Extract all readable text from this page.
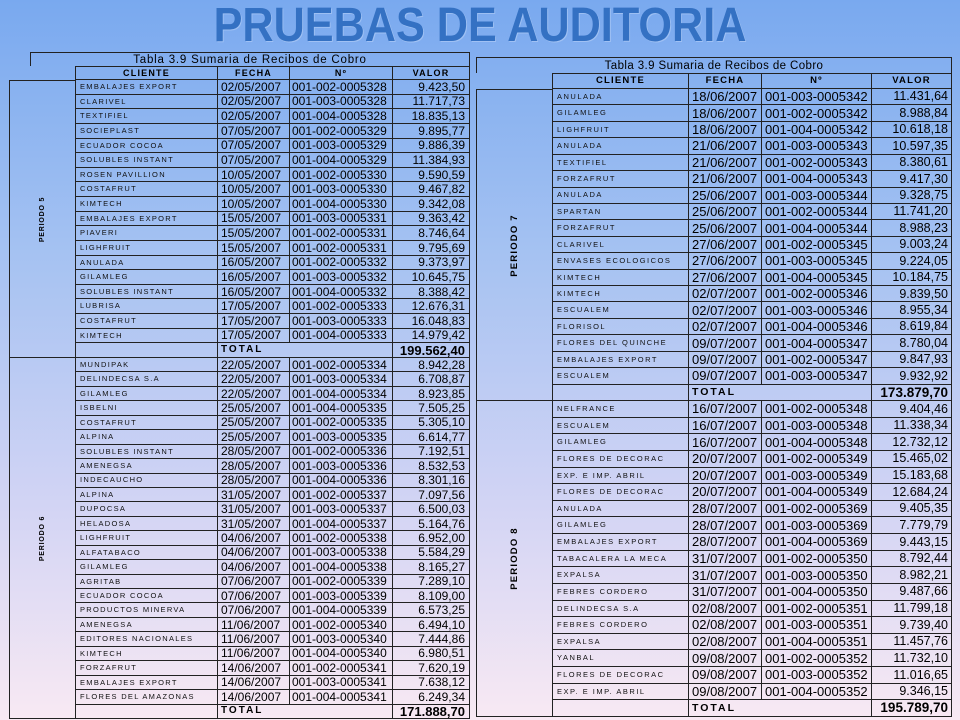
PRUEBAS DE AUDITORIA
Tabla 3.9 Sumaria de Recibos de Cobro
CLIENTE	FECHA	Nº	VALOR
PERIODO 5
EMBALAJES EXPORT	02/05/2007 001-002-0005328	9.423,50
CLARIVEL	02/05/2007 001-003-0005328	11.717,73
TEXTIFIEL	02/05/2007 001-004-0005328	18.835,13
SOCIEPLAST	07/05/2007 001-002-0005329	9.895,77
ECUADOR COCOA	07/05/2007 001-003-0005329	9.886,39
SOLUBLES INSTANT	07/05/2007 001-004-0005329	11.384,93
ROSEN PAVILLION	10/05/2007 001-002-0005330	9.590,59
COSTAFRUT	10/05/2007 001-003-0005330	9.467,82
KIMTECH	10/05/2007 001-004-0005330	9.342,08
EMBALAJES EXPORT	15/05/2007 001-003-0005331	9.363,42
PIAVERI	15/05/2007 001-002-0005331	8.746,64
LIGHFRUIT	15/05/2007 001-002-0005331	9.795,69
ANULADA	16/05/2007 001-002-0005332	9.373,97
GILAMLEG	16/05/2007 001-003-0005332	10.645,75
SOLUBLES INSTANT	16/05/2007 001-004-0005332	8.388,42
LUBRISA	17/05/2007 001-002-0005333	12.676,31
COSTAFRUT	17/05/2007 001-003-0005333	16.048,83
KIMTECH	17/05/2007 001-004-0005333	14.979,42
TOTAL	199.562,40
PERIODO 6
MUNDIPAK	22/05/2007 001-002-0005334	8.942,28
DELINDECSA S.A	22/05/2007 001-003-0005334	6.708,87
GILAMLEG	22/05/2007 001-004-0005334	8.923,85
ISBELNI	25/05/2007 001-004-0005335	7.505,25
COSTAFRUT	25/05/2007 001-002-0005335	5.305,10
ALPINA	25/05/2007 001-003-0005335	6.614,77
SOLUBLES INSTANT	28/05/2007 001-002-0005336	7.192,51
AMENEGSA	28/05/2007 001-003-0005336	8.532,53
INDECAUCHO	28/05/2007 001-004-0005336	8.301,16
ALPINA	31/05/2007 001-002-0005337	7.097,56
DUPOCSA	31/05/2007 001-003-0005337	6.500,03
HELADOSA	31/05/2007 001-004-0005337	5.164,76
LIGHFRUIT	04/06/2007 001-002-0005338	6.952,00
ALFATABACO	04/06/2007 001-003-0005338	5.584,29
GILAMLEG	04/06/2007 001-004-0005338	8.165,27
AGRITAB	07/06/2007 001-002-0005339	7.289,10
ECUADOR COCOA	07/06/2007 001-003-0005339	8.109,00
PRODUCTOS MINERVA	07/06/2007 001-004-0005339	6.573,25
AMENEGSA	11/06/2007 001-002-0005340	6.494,10
EDITORES NACIONALES	11/06/2007 001-003-0005340	7.444,86
KIMTECH	11/06/2007 001-004-0005340	6.980,51
FORZAFRUT	14/06/2007 001-002-0005341	7.620,19
EMBALAJES EXPORT	14/06/2007 001-003-0005341	7.638,12
FLORES DEL AMAZONAS	14/06/2007 001-004-0005341	6.249,34
TOTAL	171.888,70
Tabla 3.9 Sumaria de Recibos de Cobro
CLIENTE	FECHA	Nº	VALOR
PERIODO 7
ANULADA	18/06/2007 001-003-0005342	11.431,64
GILAMLEG	18/06/2007 001-002-0005342	8.988,84
LIGHFRUIT	18/06/2007 001-004-0005342	10.618,18
ANULADA	21/06/2007 001-003-0005343	10.597,35
TEXTIFIEL	21/06/2007 001-002-0005343	8.380,61
FORZAFRUT	21/06/2007 001-004-0005343	9.417,30
ANULADA	25/06/2007 001-003-0005344	9.328,75
SPARTAN	25/06/2007 001-002-0005344	11.741,20
FORZAFRUT	25/06/2007 001-004-0005344	8.988,23
CLARIVEL	27/06/2007 001-002-0005345	9.003,24
ENVASES ECOLOGICOS	27/06/2007 001-003-0005345	9.224,05
KIMTECH	27/06/2007 001-004-0005345	10.184,75
KIMTECH	02/07/2007 001-002-0005346	9.839,50
ESCUALEM	02/07/2007 001-003-0005346	8.955,34
FLORISOL	02/07/2007 001-004-0005346	8.619,84
FLORES DEL QUINCHE	09/07/2007 001-004-0005347	8.780,04
EMBALAJES EXPORT	09/07/2007 001-002-0005347	9.847,93
ESCUALEM	09/07/2007 001-003-0005347	9.932,92
TOTAL	173.879,70
PERIODO 8
NELFRANCE	16/07/2007 001-002-0005348	9.404,46
ESCUALEM	16/07/2007 001-003-0005348	11.338,34
GILAMLEG	16/07/2007 001-004-0005348	12.732,12
FLORES DE DECORAC	20/07/2007 001-002-0005349	15.465,02
EXP. E IMP. ABRIL	20/07/2007 001-003-0005349	15.183,68
FLORES DE DECORAC	20/07/2007 001-004-0005349	12.684,24
ANULADA	28/07/2007 001-002-0005369	9.405,35
GILAMLEG	28/07/2007 001-003-0005369	7.779,79
EMBALAJES EXPORT	28/07/2007 001-004-0005369	9.443,15
TABACALERA LA MECA	31/07/2007 001-002-0005350	8.792,44
EXPALSA	31/07/2007 001-003-0005350	8.982,21
FEBRES CORDERO	31/07/2007 001-004-0005350	9.487,66
DELINDECSA S.A	02/08/2007 001-002-0005351	11.799,18
FEBRES CORDERO	02/08/2007 001-003-0005351	9.739,40
EXPALSA	02/08/2007 001-004-0005351	11.457,76
YANBAL	09/08/2007 001-002-0005352	11.732,10
FLORES DE DECORAC	09/08/2007 001-003-0005352	11.016,65
EXP. E IMP. ABRIL	09/08/2007 001-004-0005352	9.346,15
TOTAL	195.789,70
